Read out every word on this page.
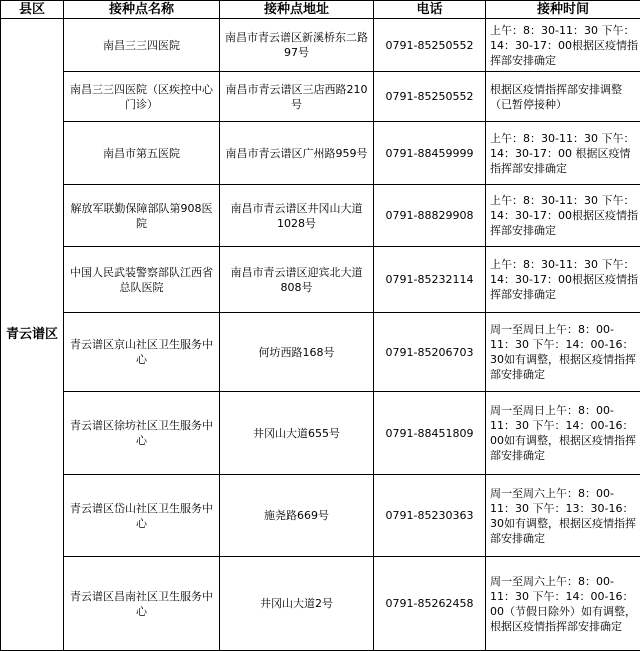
县区	接种点名称	接种点地址	电话	接种时间
青云谱区	南昌三三四医院	南昌市青云谱区新溪桥东二路97号	0791-85250552	上午：8：30-11：30 下午：14：30-17：00根据区疫情指挥部安排确定
	南昌三三四医院（区疾控中心门诊）	南昌市青云谱区三店西路210号	0791-85250552	根据区疫情指挥部安排调整（已暂停接种）
	南昌市第五医院	南昌市青云谱区广州路959号	0791-88459999	上午：8：30-11：30 下午：14：30-17：00 根据区疫情指挥部安排确定
	解放军联勤保障部队第908医院	南昌市青云谱区井冈山大道1028号	0791-88829908	上午：8：30-11：30 下午：14：30-17：00根据区疫情指挥部安排确定
	中国人民武装警察部队江西省总队医院	南昌市青云谱区迎宾北大道808号	0791-85232114	上午：8：30-11：30 下午：14：30-17：00根据区疫情指挥部安排确定
	青云谱区京山社区卫生服务中心	何坊西路168号	0791-85206703	周一至周日上午：8：00-11：30 下午：14：00-16：30如有调整，根据区疫情指挥部安排确定
	青云谱区徐坊社区卫生服务中心	井冈山大道655号	0791-88451809	周一至周日上午：8：00-11：30 下午：14：00-16：00如有调整，根据区疫情指挥部安排确定
	青云谱区岱山社区卫生服务中心	施尧路669号	0791-85230363	周一至周六上午：8：00-11：30 下午：13：30-16：30如有调整，根据区疫情指挥部安排确定
	青云谱区昌南社区卫生服务中心	井冈山大道2号	0791-85262458	周一至周六上午：8：00-11：30 下午：14：00-16：00（节假日除外）如有调整，根据区疫情指挥部安排确定
